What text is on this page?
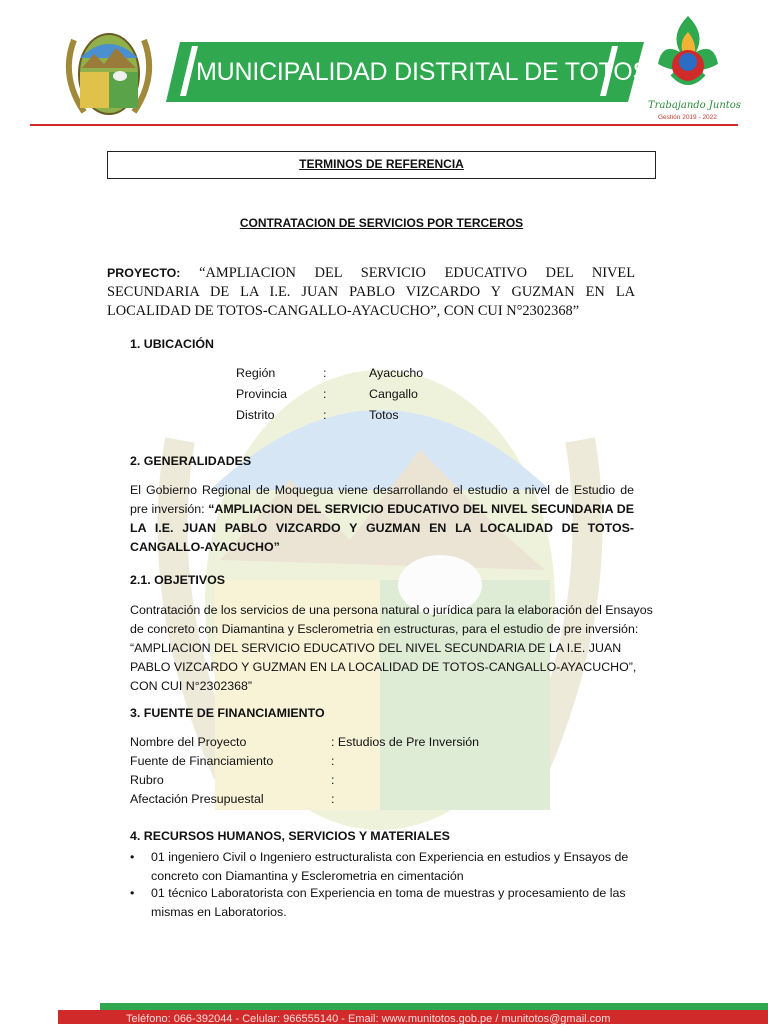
MUNICIPALIDAD DISTRITAL DE TOTOS
Trabajando Juntos
Gestión 2019 - 2022
TERMINOS DE REFERENCIA
CONTRATACION DE SERVICIOS POR TERCEROS
PROYECTO: “AMPLIACION DEL SERVICIO EDUCATIVO DEL NIVEL SECUNDARIA DE LA I.E. JUAN PABLO VIZCARDO Y GUZMAN EN LA LOCALIDAD DE TOTOS-CANGALLO-AYACUCHO”, CON CUI N°2302368”
1. UBICACIÓN
Región	:	Ayacucho
Provincia	:	Cangallo
Distrito	:	Totos
2. GENERALIDADES
El Gobierno Regional de Moquegua viene desarrollando el estudio a nivel de Estudio de pre inversión: “AMPLIACION DEL SERVICIO EDUCATIVO DEL NIVEL SECUNDARIA DE LA I.E. JUAN PABLO VIZCARDO Y GUZMAN EN LA LOCALIDAD DE TOTOS-CANGALLO-AYACUCHO”
2.1. OBJETIVOS
Contratación de los servicios de una persona natural o jurídica para la elaboración del Ensayos de concreto con Diamantina y Esclerometria en estructuras, para el estudio de pre inversión: “AMPLIACION DEL SERVICIO EDUCATIVO DEL NIVEL SECUNDARIA DE LA I.E. JUAN PABLO VIZCARDO Y GUZMAN EN LA LOCALIDAD DE TOTOS-CANGALLO-AYACUCHO”, CON CUI N°2302368”
3. FUENTE DE FINANCIAMIENTO
Nombre del Proyecto	: Estudios de Pre Inversión
Fuente de Financiamiento	:
Rubro	:
Afectación Presupuestal	:
4. RECURSOS HUMANOS, SERVICIOS Y MATERIALES
• 01 ingeniero Civil o Ingeniero estructuralista con Experiencia en estudios y Ensayos de concreto con Diamantina y Esclerometria en cimentación
• 01 técnico Laboratorista con Experiencia en toma de muestras y procesamiento de las mismas en Laboratorios.
Teléfono: 066-392044 - Celular: 966555140 - Email: www.munitotos.gob.pe / munitotos@gmail.com
